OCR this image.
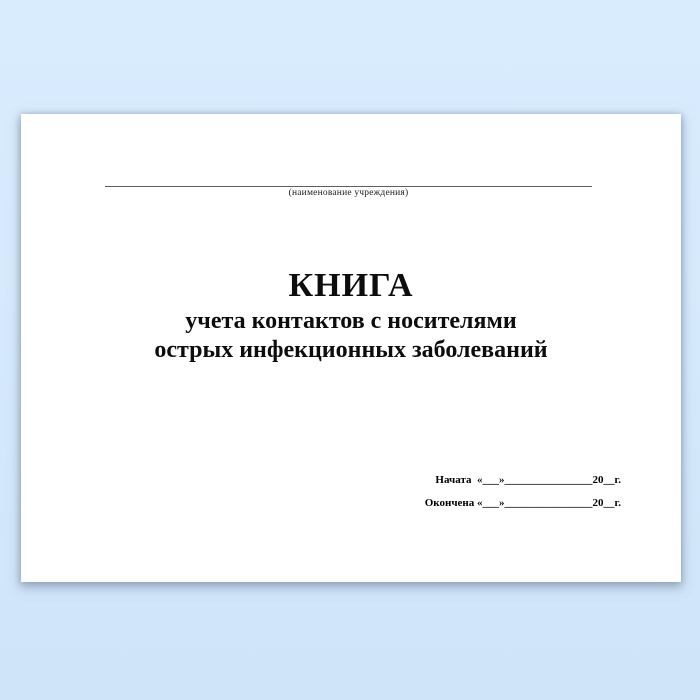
(наименование учреждения)
КНИГА
учета контактов с носителями
острых инфекционных заболеваний
Начата  «___»________________20__г.
Окончена «___»________________20__г.
